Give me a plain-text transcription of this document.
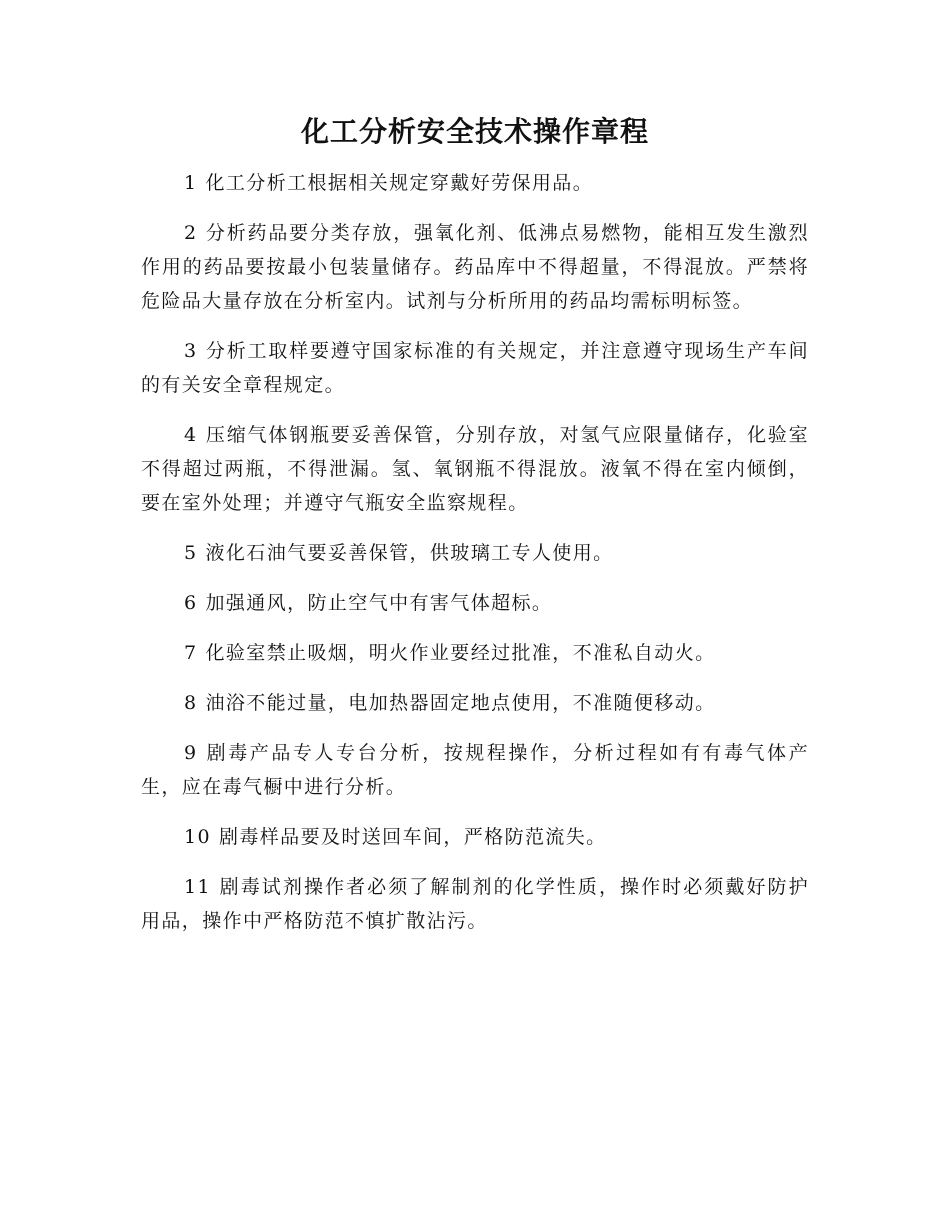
化工分析安全技术操作章程

1 化工分析工根据相关规定穿戴好劳保用品。

2 分析药品要分类存放，强氧化剂、低沸点易燃物，能相互发生激烈作用的药品要按最小包装量储存。药品库中不得超量，不得混放。严禁将危险品大量存放在分析室内。试剂与分析所用的药品均需标明标签。

3 分析工取样要遵守国家标准的有关规定，并注意遵守现场生产车间的有关安全章程规定。

4 压缩气体钢瓶要妥善保管，分别存放，对氢气应限量储存，化验室不得超过两瓶，不得泄漏。氢、氧钢瓶不得混放。液氧不得在室内倾倒，要在室外处理；并遵守气瓶安全监察规程。

5 液化石油气要妥善保管，供玻璃工专人使用。

6 加强通风，防止空气中有害气体超标。

7 化验室禁止吸烟，明火作业要经过批准，不准私自动火。

8 油浴不能过量，电加热器固定地点使用，不准随便移动。

9 剧毒产品专人专台分析，按规程操作，分析过程如有有毒气体产生，应在毒气橱中进行分析。

10 剧毒样品要及时送回车间，严格防范流失。

11 剧毒试剂操作者必须了解制剂的化学性质，操作时必须戴好防护用品，操作中严格防范不慎扩散沾污。
